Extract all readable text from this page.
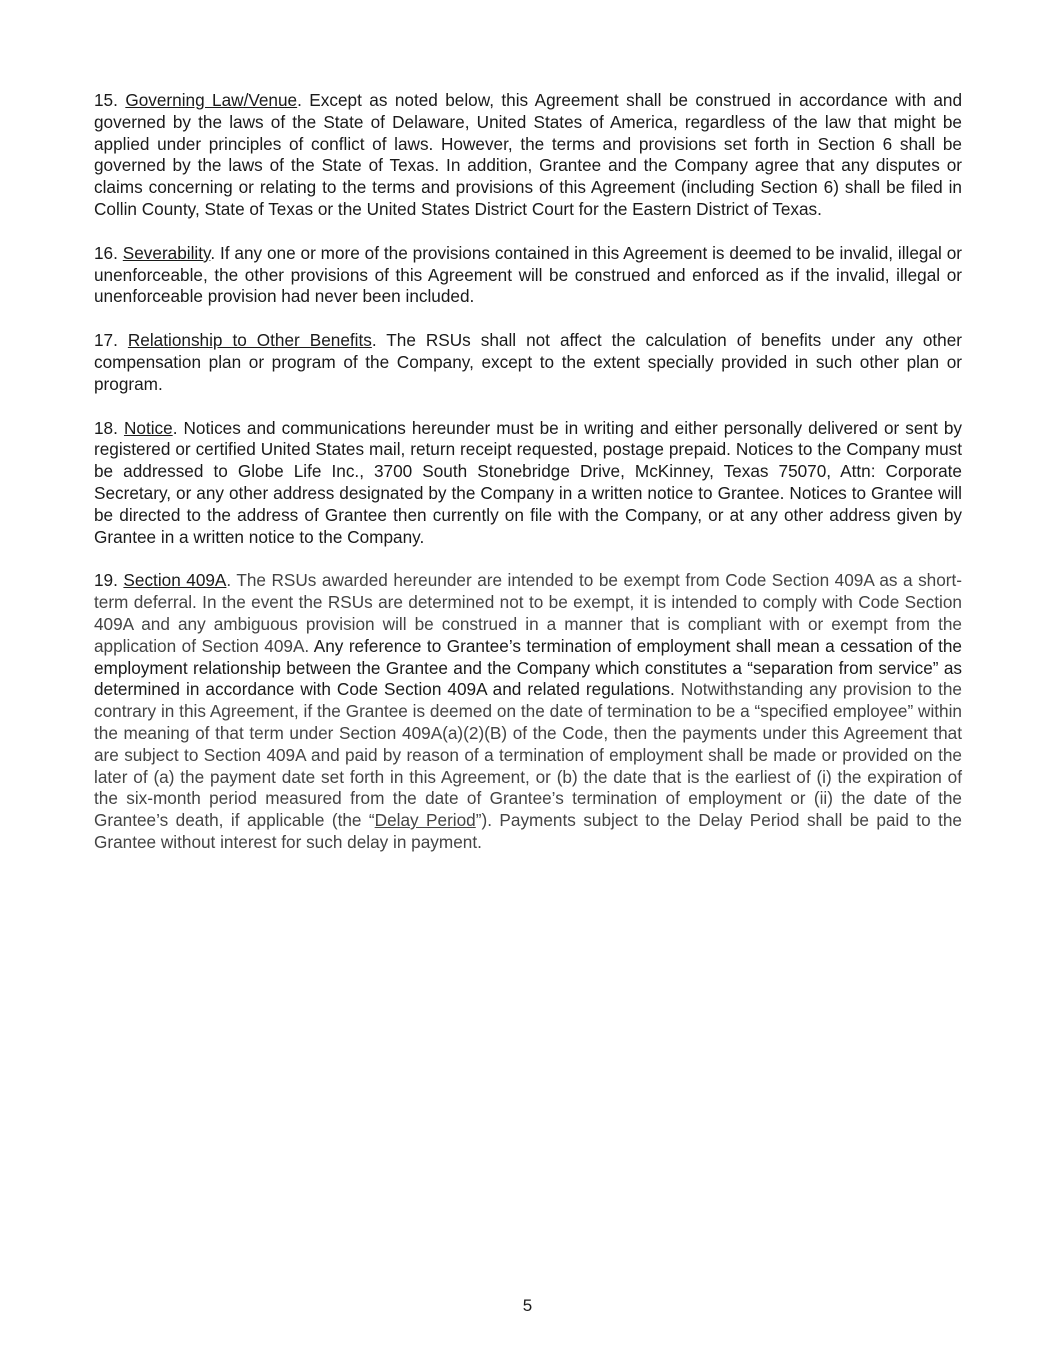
15. Governing Law/Venue. Except as noted below, this Agreement shall be construed in accordance with and governed by the laws of the State of Delaware, United States of America, regardless of the law that might be applied under principles of conflict of laws. However, the terms and provisions set forth in Section 6 shall be governed by the laws of the State of Texas. In addition, Grantee and the Company agree that any disputes or claims concerning or relating to the terms and provisions of this Agreement (including Section 6) shall be filed in Collin County, State of Texas or the United States District Court for the Eastern District of Texas.

16. Severability. If any one or more of the provisions contained in this Agreement is deemed to be invalid, illegal or unenforceable, the other provisions of this Agreement will be construed and enforced as if the invalid, illegal or unenforceable provision had never been included.

17. Relationship to Other Benefits. The RSUs shall not affect the calculation of benefits under any other compensation plan or program of the Company, except to the extent specially provided in such other plan or program.

18. Notice. Notices and communications hereunder must be in writing and either personally delivered or sent by registered or certified United States mail, return receipt requested, postage prepaid. Notices to the Company must be addressed to Globe Life Inc., 3700 South Stonebridge Drive, McKinney, Texas 75070, Attn: Corporate Secretary, or any other address designated by the Company in a written notice to Grantee. Notices to Grantee will be directed to the address of Grantee then currently on file with the Company, or at any other address given by Grantee in a written notice to the Company.

19. Section 409A. The RSUs awarded hereunder are intended to be exempt from Code Section 409A as a short-term deferral. In the event the RSUs are determined not to be exempt, it is intended to comply with Code Section 409A and any ambiguous provision will be construed in a manner that is compliant with or exempt from the application of Section 409A. Any reference to Grantee’s termination of employment shall mean a cessation of the employment relationship between the Grantee and the Company which constitutes a “separation from service” as determined in accordance with Code Section 409A and related regulations. Notwithstanding any provision to the contrary in this Agreement, if the Grantee is deemed on the date of termination to be a “specified employee” within the meaning of that term under Section 409A(a)(2)(B) of the Code, then the payments under this Agreement that are subject to Section 409A and paid by reason of a termination of employment shall be made or provided on the later of (a) the payment date set forth in this Agreement, or (b) the date that is the earliest of (i) the expiration of the six-month period measured from the date of Grantee’s termination of employment or (ii) the date of the Grantee’s death, if applicable (the “Delay Period”). Payments subject to the Delay Period shall be paid to the Grantee without interest for such delay in payment.

5
